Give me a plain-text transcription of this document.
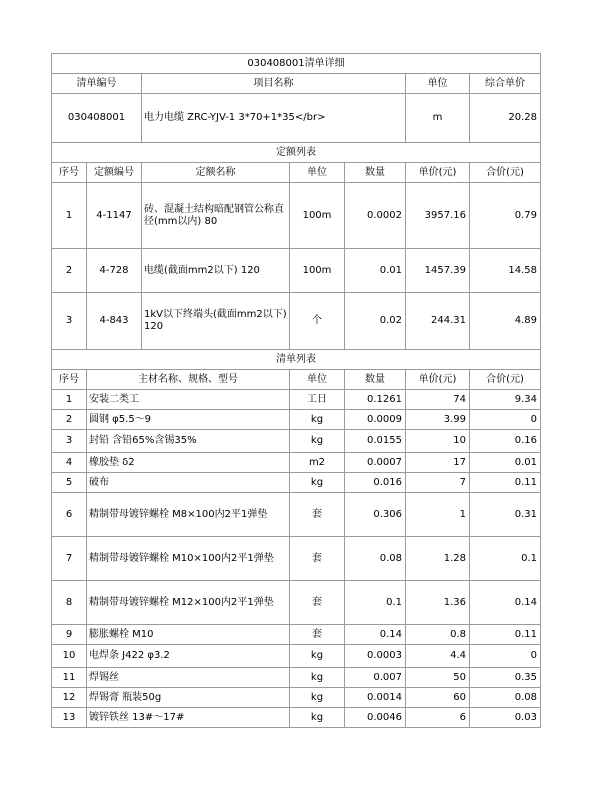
030408001清单详细						
清单编号		项目名称			单位	综合单价
030408001		电力电缆 ZRC-YJV-1 3*70+1*35</br>			m	20.28
定额列表						
序号	定额编号	定额名称	单位	数量	单价(元)	合价(元)
1	4-1147	砖、混凝土结构暗配钢管公称直径(mm以内) 80	100m	0.0002	3957.16	0.79
2	4-728	电缆(截面mm2以下) 120	100m	0.01	1457.39	14.58
3	4-843	1kV以下终端头(截面mm2以下) 120	个	0.02	244.31	4.89
清单列表						
序号	主材名称、规格、型号		单位	数量	单价(元)	合价(元)
1	安装二类工		工日	0.1261	74	9.34
2	圆钢 φ5.5～9		kg	0.0009	3.99	0
3	封铅 含铅65%含锡35%		kg	0.0155	10	0.16
4	橡胶垫 δ2		m2	0.0007	17	0.01
5	破布		kg	0.016	7	0.11
6	精制带母镀锌螺栓 M8×100内2平1弹垫		套	0.306	1	0.31
7	精制带母镀锌螺栓 M10×100内2平1弹垫		套	0.08	1.28	0.1
8	精制带母镀锌螺栓 M12×100内2平1弹垫		套	0.1	1.36	0.14
9	膨胀螺栓 M10		套	0.14	0.8	0.11
10	电焊条 J422 φ3.2		kg	0.0003	4.4	0
11	焊锡丝		kg	0.007	50	0.35
12	焊锡膏 瓶装50g		kg	0.0014	60	0.08
13	镀锌铁丝 13#～17#		kg	0.0046	6	0.03
